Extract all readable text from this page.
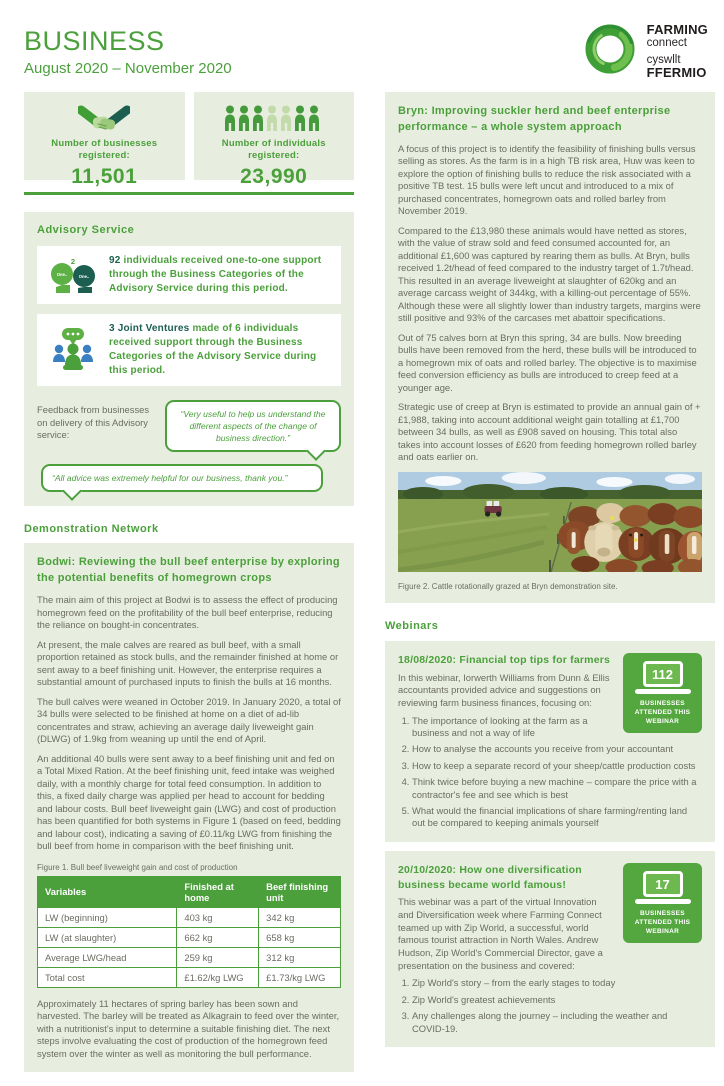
BUSINESS
August 2020 – November 2020
FARMING
connect
cyswllt
FFERMIO
Number of businesses registered:
11,501
Number of individuals registered:
23,990
Advisory Service
One..	One..
2	92 individuals received one-to-one support through the Business Categories of the Advisory Service during this period.
3 Joint Ventures made of 6 individuals received support through the Business Categories of the Advisory Service during this period.
Feedback from businesses on delivery of this Advisory service:
“Very useful to help us understand the different aspects of the change of business direction.”
“All advice was extremely helpful for our business, thank you.”
Demonstration Network
Bodwi: Reviewing the bull beef enterprise by exploring the potential benefits of homegrown crops

The main aim of this project at Bodwi is to assess the effect of producing homegrown feed on the profitability of the bull beef enterprise, reducing the reliance on bought-in concentrates.

At present, the male calves are reared as bull beef, with a small proportion retained as stock bulls, and the remainder finished at home or sent away to a beef finishing unit. However, the enterprise requires a substantial amount of purchased inputs to finish the bulls at 16 months.

The bull calves were weaned in October 2019. In January 2020, a total of 34 bulls were selected to be finished at home on a diet of ad-lib concentrates and straw, achieving an average daily liveweight gain (DLWG) of 1.9kg from weaning up until the end of April.

An additional 40 bulls were sent away to a beef finishing unit and fed on a Total Mixed Ration. At the beef finishing unit, feed intake was weighed daily, with a monthly charge for total feed consumption. In addition to this, a fixed daily charge was applied per head to account for bedding and labour costs. Bull beef liveweight gain (LWG) and cost of production has been quantified for both systems in Figure 1 (based on feed, bedding and labour cost), indicating a saving of £0.11/kg LWG from finishing the bull beef from home in comparison with the beef finishing unit.

Figure 1. Bull beef liveweight gain and cost of production
Variables	Finished at home	Beef finishing unit
LW (beginning)	403 kg	342 kg
LW (at slaughter)	662 kg	658 kg
Average LWG/head	259 kg	312 kg
Total cost	£1.62/kg LWG	£1.73/kg LWG

Approximately 11 hectares of spring barley has been sown and harvested. The barley will be treated as Alkagrain to feed over the winter, with a nutritionist's input to determine a suitable finishing diet. The next steps involve evaluating the cost of production of the homegrown feed system over the winter as well as monitoring the bull performance.

Bryn: Improving suckler herd and beef enterprise performance – a whole system approach

A focus of this project is to identify the feasibility of finishing bulls versus selling as stores. As the farm is in a high TB risk area, Huw was keen to explore the option of finishing bulls to reduce the risk associated with a positive TB test. 15 bulls were left uncut and introduced to a mix of purchased concentrates, homegrown oats and rolled barley from November 2019.

Compared to the £13,980 these animals would have netted as stores, with the value of straw sold and feed consumed accounted for, an additional £1,600 was captured by rearing them as bulls. At Bryn, bulls received 1.2t/head of feed compared to the industry target of 1.7t/head. This resulted in an average liveweight at slaughter of 620kg and an average carcass weight of 344kg, with a killing-out percentage of 55%. Although these were all slightly lower than industry targets, margins were still positive and 93% of the carcases met abattoir specifications.

Out of 75 calves born at Bryn this spring, 34 are bulls. Now breeding bulls have been removed from the herd, these bulls will be introduced to a homegrown mix of oats and rolled barley. The objective is to maximise feed conversion efficiency as bulls are introduced to creep feed at a younger age.

Strategic use of creep at Bryn is estimated to provide an annual gain of +£1,988, taking into account additional weight gain totalling at £1,700 between 34 bulls, as well as £908 saved on housing. This total also takes into account losses of £620 from feeding homegrown rolled barley and oats earlier on.

Figure 2. Cattle rotationally grazed at Bryn demonstration site.
Webinars
112
BUSINESSES ATTENDED THIS WEBINAR
18/08/2020: Financial top tips for farmers

In this webinar, Iorwerth Williams from Dunn & Ellis accountants provided advice and suggestions on reviewing farm business finances, focusing on:

1. The importance of looking at the farm as a business and not a way of life
2. How to analyse the accounts you receive from your accountant
3. How to keep a separate record of your sheep/cattle production costs
4. Think twice before buying a new machine – compare the price with a contractor's fee and see which is best
5. What would the financial implications of share farming/renting land out be compared to keeping animals yourself
17
BUSINESSES ATTENDED THIS WEBINAR
20/10/2020: How one diversification business became world famous!

This webinar was a part of the virtual Innovation and Diversification week where Farming Connect teamed up with Zip World, a successful, world famous tourist attraction in North Wales. Andrew Hudson, Zip World's Commercial Director, gave a presentation on the business and covered:

1. Zip World's story – from the early stages to today
2. Zip World's greatest achievements
3. Any challenges along the journey – including the weather and COVID-19.
